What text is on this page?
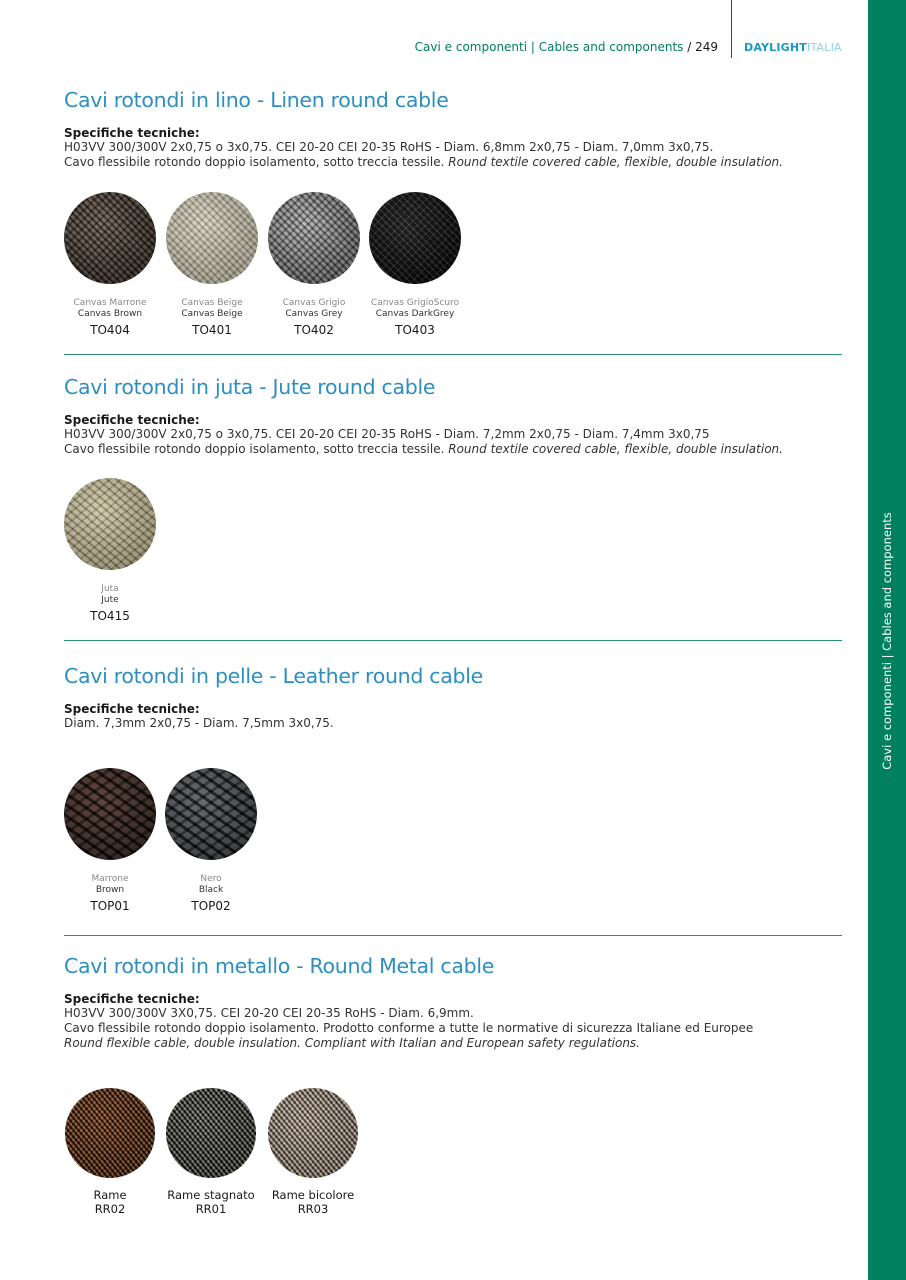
Cavi e componenti | Cables and components / 249 DAYLIGHTITALIA
Cavi e componenti | Cables and components
Cavi rotondi in lino - Linen round cable
Specifiche tecniche:
H03VV 300/300V 2x0,75 o 3x0,75. CEI 20-20 CEI 20-35 RoHS - Diam. 6,8mm 2x0,75 - Diam. 7,0mm 3x0,75.
Cavo flessibile rotondo doppio isolamento, sotto treccia tessile. Round textile covered cable, flexible, double insulation.
Canvas Marrone
Canvas Brown
TO404
Canvas Beige
Canvas Beige
TO401
Canvas Grigio
Canvas Grey
TO402
Canvas GrigioScuro
Canvas DarkGrey
TO403
Cavi rotondi in juta - Jute round cable
Specifiche tecniche:
H03VV 300/300V 2x0,75 o 3x0,75. CEI 20-20 CEI 20-35 RoHS - Diam. 7,2mm 2x0,75 - Diam. 7,4mm 3x0,75
Cavo flessibile rotondo doppio isolamento, sotto treccia tessile. Round textile covered cable, flexible, double insulation.
Juta
Jute
TO415
Cavi rotondi in pelle - Leather round cable
Specifiche tecniche:
Diam. 7,3mm 2x0,75 - Diam. 7,5mm 3x0,75.
Marrone
Brown
TOP01
Nero
Black
TOP02
Cavi rotondi in metallo - Round Metal cable
Specifiche tecniche:
H03VV 300/300V 3X0,75. CEI 20-20 CEI 20-35 RoHS - Diam. 6,9mm.
Cavo flessibile rotondo doppio isolamento. Prodotto conforme a tutte le normative di sicurezza Italiane ed Europee
Round flexible cable, double insulation. Compliant with Italian and European safety regulations.
Rame
RR02
Rame stagnato
RR01
Rame bicolore
RR03
